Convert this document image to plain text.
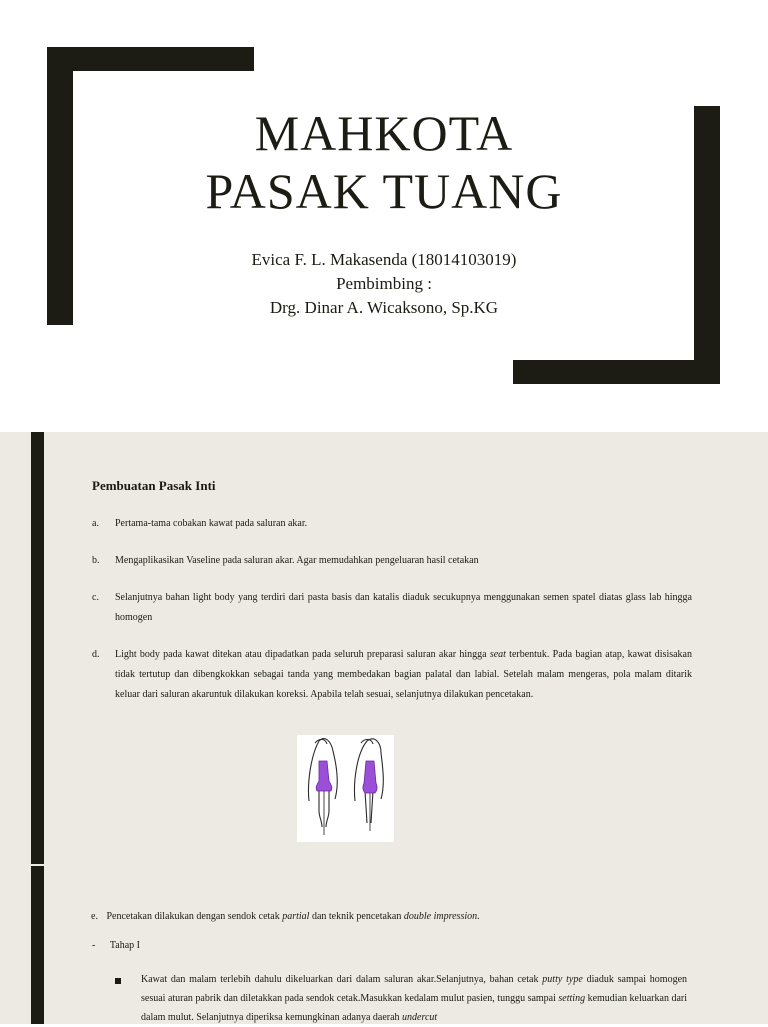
MAHKOTA
PASAK TUANG
Evica F. L. Makasenda (18014103019)
Pembimbing :
Drg. Dinar A. Wicaksono, Sp.KG
Pembuatan Pasak Inti
a.	Pertama-tama cobakan kawat pada saluran akar.
b.	Mengaplikasikan Vaseline pada saluran akar. Agar memudahkan pengeluaran hasil cetakan
c.	Selanjutnya bahan light body yang terdiri dari pasta basis dan katalis diaduk secukupnya menggunakan semen spatel diatas glass lab hingga homogen
d.	Light body pada kawat ditekan atau dipadatkan pada seluruh preparasi saluran akar hingga seat terbentuk. Pada bagian atap, kawat disisakan tidak tertutup dan dibengkokkan sebagai tanda yang membedakan bagian palatal dan labial. Setelah malam mengeras, pola malam ditarik keluar dari saluran akaruntuk dilakukan koreksi. Apabila telah sesuai, selanjutnya dilakukan pencetakan.
e. Pencetakan dilakukan dengan sendok cetak partial dan teknik pencetakan double impression.
- Tahap I
Kawat dan malam terlebih dahulu dikeluarkan dari dalam saluran akar.Selanjutnya, bahan cetak putty type diaduk sampai homogen sesuai aturan pabrik dan diletakkan pada sendok cetak.Masukkan kedalam mulut pasien, tunggu sampai setting kemudian keluarkan dari dalam mulut. Selanjutnya diperiksa kemungkinan adanya daerah undercut
